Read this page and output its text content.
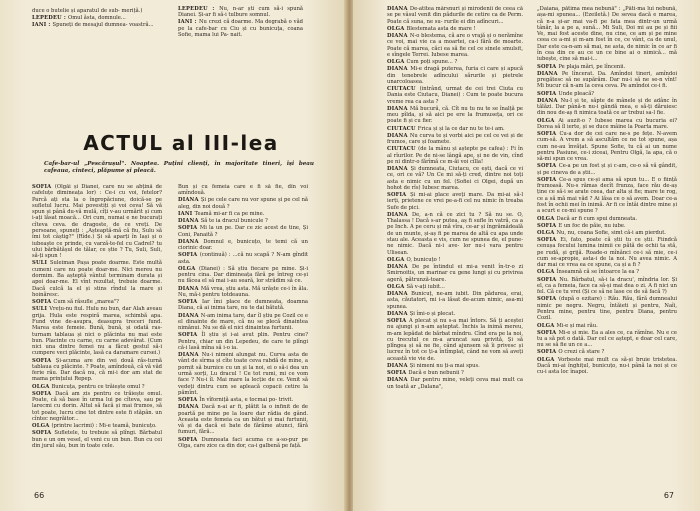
duce o butelie și aparatul de sub- meriță.)

LEPEDEU : Omul ăsta, domnule...

IANI : Spuneți de mesajul dumnea- voastră...

LEPEDEU : Nu, n-ar ști cum să-i spună Dianei. Și-ar fi să-i tulbure somnul.

IANI : Nu crezi că doarme. Ma degrabă o văd pe la cafe-bar cu Ciu și cu bunicuța, coana Sofie, mama lui Pa- nait.

ACTUL al III-lea
Cafe-bar-ul „Pescărușul". Noaptea. Puțini clienți, în majoritate tineri, își beau cafeaua, cinteci, plăpume și pleacă.

SOFIA (Olgăi și Dianei, care nu se abțină de cafeluțe dimineața lor) : Ce-i cu voi, fetelor? Parcă ați sta la o îngropăciune, doică-se pe sufletul lucru. Mai povestiți și voi ceva! Să vă spun și până du-vă mulă, cîți v-au urmărit și cum i-ați lăsat moacă... Ori cum, numai e ne bucurați cîteva ceva. de dragoste, de ce vreți. De persoane, spuneți : „Așteaptă-mă că fiu, Sulu să îmi tot câștig?" (Rîde.) Și să aparți în Iași și o iubeaște ce prinde, cu varză-te-fel cu Cadrel? tu ului bărbătășul de tălar, ce știe ? Tu, Suli, Suli, să-ți spun !

SULI Suleiman Pașa poate doarme. Este multă cumeni care nu poate doar-me. Nici mereu nu dormim. Ba așteptă vântul terminam durata și apoi doar-me. El vînt rezultat, trebuie doarme. Dacă culcă la el și stins rîndul la mare și hoinăresc.

SOFIA Cum să răsufle „marea"?

SULI Vrețu-nu fiul. Hulu nu bun, dar Alah aveau grija. Hula este respiră marea, schimbă apa. Fund vine de-asupra, deasupra treceri fund. Marea este femeie. Bună, bună, și odată ras-turnam tablaua și nici o plăcinta nu mai este bun. Placinte cu carne, cu carne adevărat. (Cum nici una dintre femei nu a făcut gestul să-i cumpere veci plăcinte, lasă ca daramare cursei.)

SOFIA Și-acuma are din vei două răs-turnă tablaua cu plăcinte. ? Poate, amîndouă, că vă văd ferie rău. Dar dacă nu, că mi-i dor am stat de mama prințului Repep.

OLGA Bunicuța, pentru ce trăiește omul ?

SOFIA Dacă am zis pentru ce trăiește omul. Poate, că să base în urma lui pe cîteva, sau pe larecmi cu dorin. Altul să facă și mai frumos, să tot poate, lucru cine tot dintre este fi stăpân. un cîntec negrăitor...

OLGA (printre lacrimi) : Mi-e teamă, bunicuțo.

SOFIA Sufletele, tu trebuie să plîngi. Bărbatul bun e un om vesel, el veni cu un bun. Bun cu cei din jurul său, bun in toate cele.

Bun și cu femeia care e fi să fie, dîn voi amîndouă.

DIANA Și pe cele care nu vor spune și pe cel nă aleg, din noi două ?

IANI Teamă mi-ar fi ca pe mine.

DIANA Să te ia dracul bunicule ?

SOFIA Mi la un pe. Dar ce zic acest de tine, Și Coni, Panaită ?

DIANA Domnul e, bunicuțo, te temi că un ciorinic doar.

SOFIA (continuă) : ...că nu scapă ? N-am gîndit asta.

OLGA (Dianei) : Să știu fiecare pe mine. Și-i pentru cina. Dar dimineața fără pe întreg ce-și nu făcea el să mai i-au seară, lor strădim să ce.

DIANA Mă vrea, știu asta. Mă urăște ce-i în ăla. Nu, mă-i pentru totdeauna.

SOFIA Iar îmi place de dumneata, doamna Diana, că ai inima tare, nu te dai bătută.

DIANA N-am inima tare, dar îl știu pe Cozil ce e el dinainte de mare, că nu se plecă dinaintea nimănui. Nu se dă el nici dinaintea furtunii.

SOFIA Îl știu și i-ai avut plin. Pentru cine? Pentru, chiar un din Lepedeu, de care te plîngi că-i lasă mîna să i-o ia.

DIANA Nu-i nimeni alungat nu. Curva asta de vânt de sîrma și cîte toate ceva rabdă de mine, a pornit să burnice cu un și la noi, ei o să-i dea un urmă sorți, Lu dracul ! Ce tot rumi, mi ce vom face ? Nu-i îl. Mai mare la lecție de ce. Venit să vedeți dintru cum se apleacă copacii cetire la pămînt.

SOFIA În vîforniță asta, e tocmai po- trivit.

DIANA Dacă n-ai ar fi, plătit la o infinit de de poartă pe mine pe la loare dar rădia de gând. Aceasta este femeia ca un bătut și mai furtunii, vă și da dacă ei bate de fărăme atunci, fără fumuri, fără...

SOFIA Dumneata faci acuma ce a-so-pur pe Olga, care zice ca din dor, ca-i galbenă pe față.

66

DIANA De-atîtea mărsnuri și mirodenii de ceea că se pe vâsul venit din pădurile de cetire ca de Perm. Poate că suna, ne su- rurile ei din adîncuri...

OLGA Blestemata asta de mare !

DIANA N-o blestema, că are o vrajă și o nerămîne ce voi, mai vie ca a moartei, ca-i fără de moarte. Poate că marea, căci ea să fie cel ce sinele smulsit, e sîngele Terrei. Iubese marea.

OLGA Cum poți spune... ?

DIANA Mi-e dragă puterea, furia ci care și apucă din tenebrele adîncului sărurile și pietrele unarcoloasea.

CIUTACU (intrând, urmat de cei trei Ciuta cu Dania este Ciutacu, Dianei) : Cum te poate bucura vreme rea ca asta ?

DIANA Mă bucură, că. Cît nu tu nu te se înalță pe meu pîlda, și să aici pe ere la frumuseța, ori ce poate fi și cu fier.

CIUTACU Frica și și la ce dar nu te te-i am.

DIANA Nu curva te și vorbi aici pe cel ce vei și de frumos, care și foamete.

CIUTACU (de la mânu și aștepte pe cafea) : Fi în al rîurilor. Pe de ni-se lângă ape, și ne de vin, cînd pe ni dintr-o fărîmă ce m-ăi voi cîlla!

DIANA Și dumneata, Ciutacu, ce ești, dacă ce vi ce, ori ce vă? Un Ce mi să-ți cred, dintre noi toți asta e nimic cu un fel. (Sofiei ci Olgei, după un hohot de rîs) Iubesc marea.

SOFIA Și mi-ai place aveți mare. Da mi-ai să-l ierți, prietene ce vrei pe-a-fi cel nu nimic în treaba Sufe de pici.

DIANA De, a-n că ce zici tu ? Să nu se. O, Thalassa ! Dacă s-ar putea, aș fi sufle în vatră, ca a pe Inch. A pe ceru și mă vîra, ce-ar și îngrămădeală de un munte, și-aș fi pe marea de altă cu apa unde stau ale. Aceasta e vis, cum ne spunea de, el pune-ne nimic. Dacă ni-i ave- lor nu-i vara pentru Ulisean.

OLGA O, bunicuțo !

DIANA De pe întindul ei mi-a venit în-tr-o zi Smirnoitis, un marinar cu gene lungi și cu privirea ageră, pătrunză-toare.

OLGA Să v-ați iubit...

DIANA Bunicuț, ne-am iubit. Din pădurea, erai, asta, căutatori, mi i-a lăsat de-acum nimic, asa-mi spunea.

DIANA Și îmi-o și plecat.

SOFIA A plecat și nu s-a mai întors. Să ți aceștei nu ajungi și n-am așteptat. Închis la inimă mereu, m-am lepădat de bărbat mîndru. Cînd era pe la noi, cu trecutul ce m-a aruncat sau privită, Și să plîngea și să ne fie, când ajunsem să îi privesc și lucrez în tot ce ți-a întîmplat, când ne vom să aveți această vie vie de.

DIANA Și nimeni nu ți-a mai spus.

SOFIA Dacă e bun nebunii ?

DIANA Dar pentru mine, veleți ceva mai mult ca un toată ar „Dalana",

„Daiana, pătima mea nebună" : „Păti-ma lui nebună, așa-mi spunea... (Ezeiletă.) De sevea dacă e marea, că n-a și-ar mai va-fi pe fata mea dintr-un urmă tânăr, la a pe a, sună... Mi Suli, Doi mi au pe și fiii Ve, mai fost aceste dine, nu cine, ce am și pe mine ceea ce a-mi și m-am fost în ce, ce vânt, ca de unul, Dar este ca-n-am să mai, ne asta, de nimic în ce ar fi în cea din ce au ce un ce bine ai o nimică... mă iubește, cine să mai-i...

SOFIA Pe plaja mări, pe lîncenii.

DIANA Pe lîncerat. Da. Amîndoi tineri, amîndoi pregătesc să ne supărăm. Dar nu-i să ne se-n vînt! Mi bucur că n-am la ceva ceva. Pe amîndoi ce-i fi.

SOFIA Unde pleacă?

DIANA Nu-l și te, săpte de mânele și de adânc în tălăzi. Dar până-n nu-i gândă mea, e să-ți dăruiesc din nou de-aș fi nimica toată ce ar trebui sa-l fie.

OLGA Ai auzit-o ? Iubese marea cu bucuria ei? Dorea să îl ierte, și se duce mâine la Poarta mare.

SOFIA Cu-a dor de cei care ne-s pe fețe. N-avem cum-să. A vrem a să ascultăm ce ne tot spune, așa cum ne-au învățat. Spune Sofie, tu că ai un nume pentru Pasiune, ce-i ziceai, Pentru Olgă, la apa, că o să-mi spun ce vrea.

SOFIA Ce-a pe un fost și și c-am, ce-o să vă gândit, și pe cineva de a știi...

SOFIA Ce-a spus ce-și ama să spun tu... E o ființă frumoasă. Nu-s rămas decît frunza, face rău de-aș ține ce să-i se arate ceea, dar alta și fie; mare te rog, ce a să mă mai văd ? Ai lăsa ce o să avem. Doar ce-a fost în ochii mei în inimă. Ar fi ce întâi dintre mine și a scurt e ce-mi spune ?

OLGA Dacă ar fi cum spui dumneata.

SOFIA E un foc de păie, nu iube.

OLGA Nu, nu, coana Sofie, simt că-i am pierdut.

SOFIA Ei, fato, poate că știi tu ce știi. Fiindcă cenușa focului lumina inimii ce pătă de ochii ta stă, pe rudă, și grijă. Roade-o mînănci ce-i să mie, ce-i cum se-apropie, asta-i de la noi. Nu avea nimic. A dar mai ce vrea ea ce spune, ca și a fi ?

OLGA Înseamnă că se întoarce la ea ?

SOFIA Nu. Bărbatul, să-i la dracu', mîndria lor. Și el, ca a femeia, face ca să-și mai dea o zi. A fi nici un fel. Că ce tu vrei (Și ce să ne lase ce de să facă ?)

SOFIA (după o ezitare) : Rău. Rău, fără dumnealui nimic pe negru. Negru, întăieti și pentru, Naîi, Pentru mine, pentru tine, pentru Diana, pentru Cozil.

OLGA Mi-e și mai rău.

SOFIA Mi-e și mie. Ea a ales ce, ca rămîne. Nu e ce tu a să pot o dată. Dar cel ce aștept, e doar cel care, nu se să fie un ce a...

SOFIA O crezi că stare ?

OLGA Vorbeste mai mult ca să-și bruie tristetea. Dacă mi-ai înghițul, bunicuțo, nu-i până la noi și ce cu-i asta loc înapoi.

67
